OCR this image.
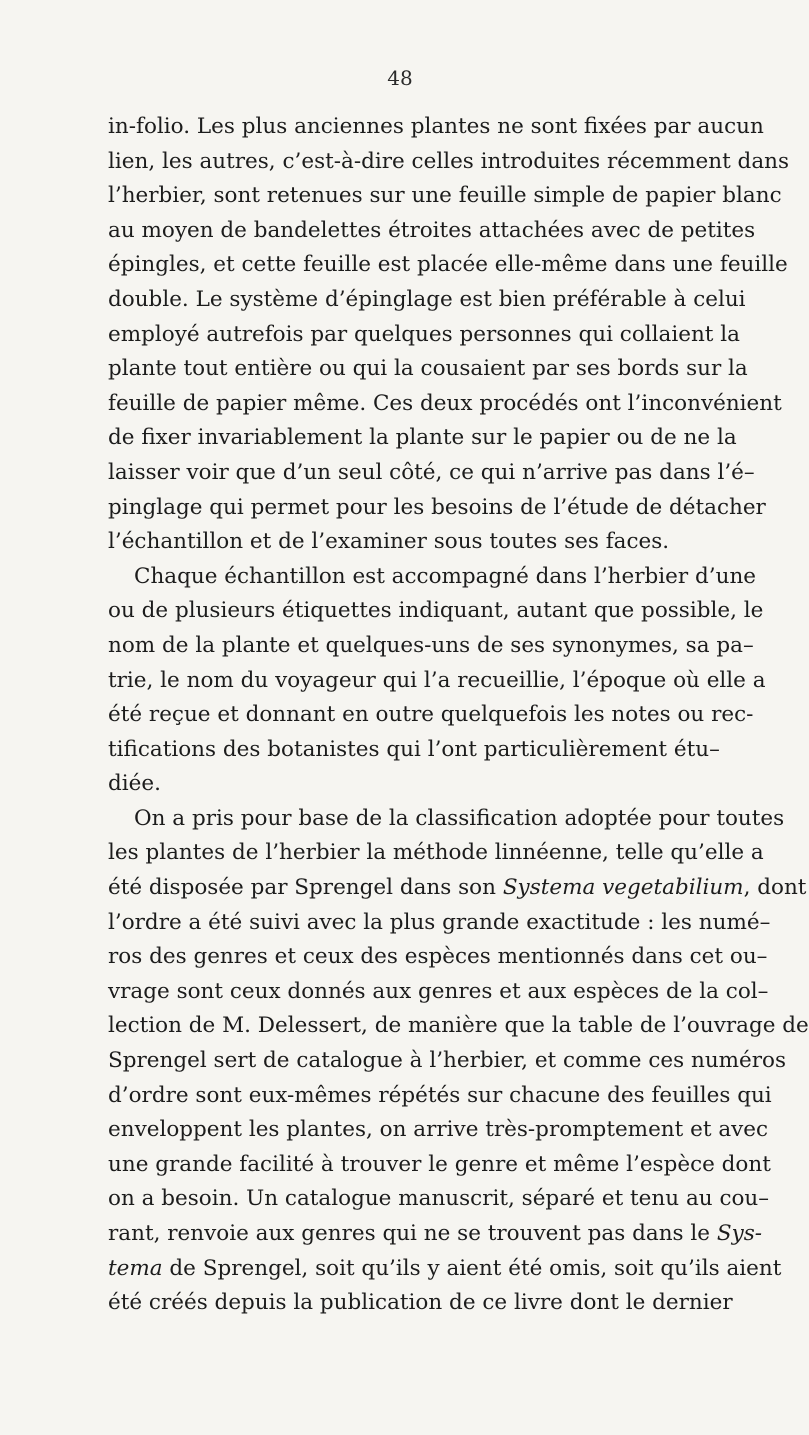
48
in-folio. Les plus anciennes plantes ne sont fixées par aucun
lien, les autres, c’est-à-dire celles introduites récemment dans
l’herbier, sont retenues sur une feuille simple de papier blanc
au moyen de bandelettes étroites attachées avec de petites
épingles, et cette feuille est placée elle-même dans une feuille
double. Le système d’épinglage est bien préférable à celui
employé autrefois par quelques personnes qui collaient la
plante tout entière ou qui la cousaient par ses bords sur la
feuille de papier même. Ces deux procédés ont l’inconvénient
de fixer invariablement la plante sur le papier ou de ne la
laisser voir que d’un seul côté, ce qui n’arrive pas dans l’é–
pinglage qui permet pour les besoins de l’étude de détacher
l’échantillon et de l’examiner sous toutes ses faces.
Chaque échantillon est accompagné dans l’herbier d’une
ou de plusieurs étiquettes indiquant, autant que possible, le
nom de la plante et quelques-uns de ses synonymes, sa pa–
trie, le nom du voyageur qui l’a recueillie, l’époque où elle a
été reçue et donnant en outre quelquefois les notes ou rec-
tifications des botanistes qui l’ont particulièrement étu–
diée.
On a pris pour base de la classification adoptée pour toutes
les plantes de l’herbier la méthode linnéenne, telle qu’elle a
été disposée par Sprengel dans son Systema vegetabilium, dont
l’ordre a été suivi avec la plus grande exactitude : les numé–
ros des genres et ceux des espèces mentionnés dans cet ou–
vrage sont ceux donnés aux genres et aux espèces de la col–
lection de M. Delessert, de manière que la table de l’ouvrage de
Sprengel sert de catalogue à l’herbier, et comme ces numéros
d’ordre sont eux-mêmes répétés sur chacune des feuilles qui
enveloppent les plantes, on arrive très-promptement et avec
une grande facilité à trouver le genre et même l’espèce dont
on a besoin. Un catalogue manuscrit, séparé et tenu au cou–
rant, renvoie aux genres qui ne se trouvent pas dans le Sys-
tema de Sprengel, soit qu’ils y aient été omis, soit qu’ils aient
été créés depuis la publication de ce livre dont le dernier
